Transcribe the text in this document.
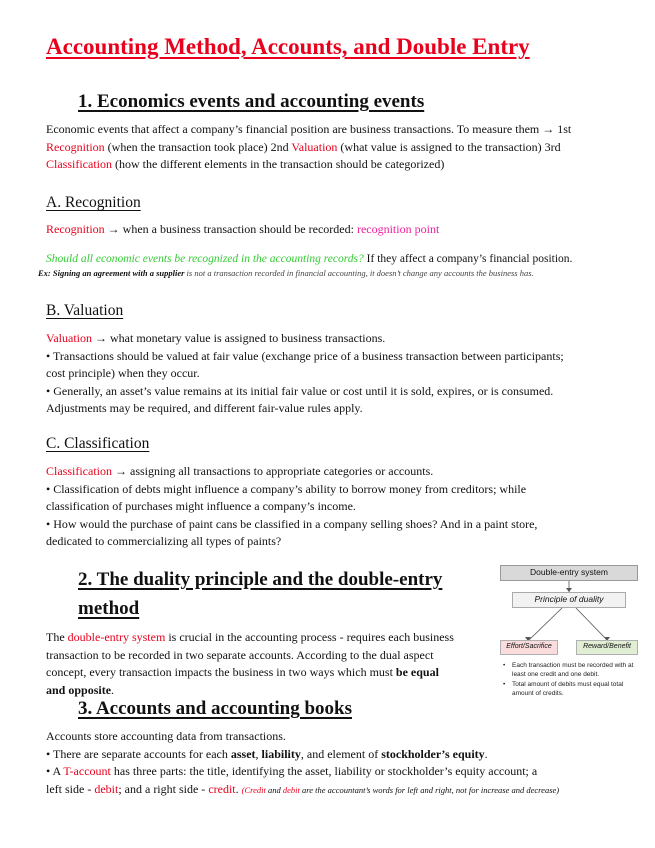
Accounting Method, Accounts, and Double Entry
1. Economics events and accounting events
Economic events that affect a company’s financial position are business transactions. To measure them → 1st
Recognition (when the transaction took place) 2nd Valuation (what value is assigned to the transaction) 3rd
Classification (how the different elements in the transaction should be categorized)
A. Recognition
Recognition → when a business transaction should be recorded: recognition point
Should all economic events be recognized in the accounting records? If they affect a company’s financial position.
Ex: Signing an agreement with a supplier is not a transaction recorded in financial accounting, it doesn’t change any accounts the business has.
B. Valuation
Valuation → what monetary value is assigned to business transactions.
• Transactions should be valued at fair value (exchange price of a business transaction between participants;
cost principle) when they occur.
• Generally, an asset’s value remains at its initial fair value or cost until it is sold, expires, or is consumed.
Adjustments may be required, and different fair-value rules apply.
C. Classification
Classification → assigning all transactions to appropriate categories or accounts.
• Classification of debts might influence a company’s ability to borrow money from creditors; while
classification of purchases might influence a company’s income.
• How would the purchase of paint cans be classified in a company selling shoes? And in a paint store,
dedicated to commercializing all types of paints?
2. The duality principle and the double-entry
method
The double-entry system is crucial in the accounting process - requires each business
transaction to be recorded in two separate accounts. According to the dual aspect
concept, every transaction impacts the business in two ways which must be equal
and opposite.
Double-entry system
Principle of duality
Effort/Sacrifice	Reward/Benefit
• Each transaction must be recorded with at least one credit and one debit.
• Total amount of debits must equal total amount of credits.
3. Accounts and accounting books
Accounts store accounting data from transactions.
• There are separate accounts for each asset, liability, and element of stockholder’s equity.
• A T-account has three parts: the title, identifying the asset, liability or stockholder’s equity account; a
left side - debit; and a right side - credit. (Credit and debit are the accountant’s words for left and right, not for increase and decrease)
